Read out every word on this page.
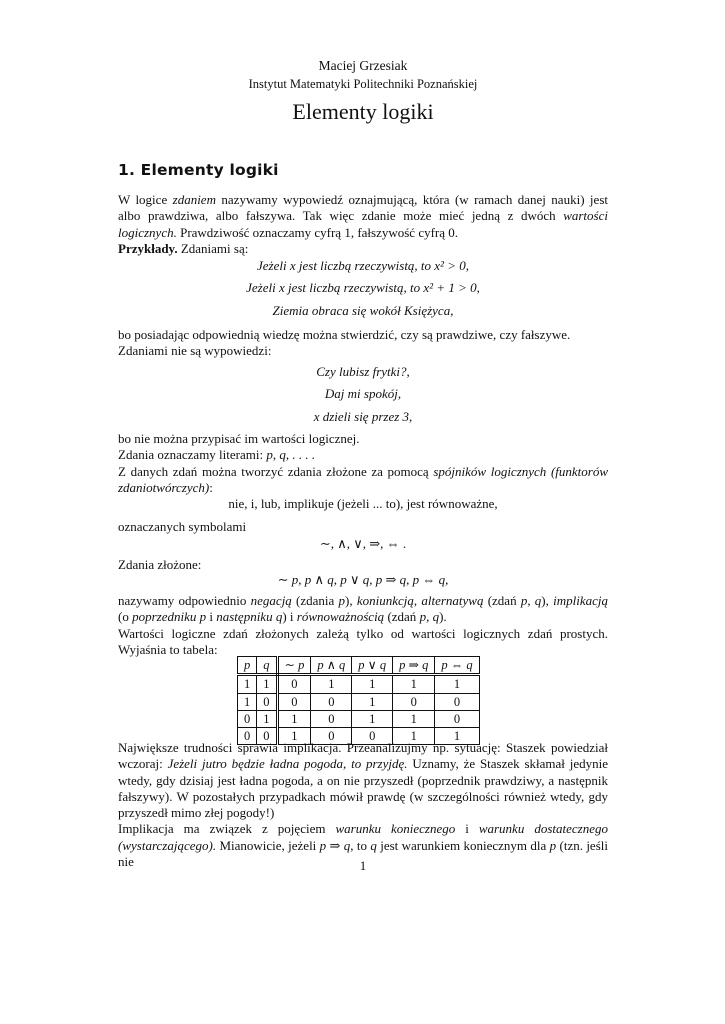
Maciej Grzesiak
Instytut Matematyki Politechniki Poznańskiej
Elementy logiki
1. Elementy logiki

W logice zdaniem nazywamy wypowiedź oznajmującą, która (w ramach danej nauki) jest albo prawdziwa, albo fałszywa. Tak więc zdanie może mieć jedną z dwóch wartości logicznych. Prawdziwość oznaczamy cyfrą 1, fałszywość cyfrą 0.

Przykłady. Zdaniami są:

Jeżeli x jest liczbą rzeczywistą, to x² > 0,

Jeżeli x jest liczbą rzeczywistą, to x² + 1 > 0,

Ziemia obraca się wokół Księżyca,

bo posiadając odpowiednią wiedzę można stwierdzić, czy są prawdziwe, czy fałszywe.

Zdaniami nie są wypowiedzi:

Czy lubisz frytki?,

Daj mi spokój,

x dzieli się przez 3,

bo nie można przypisać im wartości logicznej.

Zdania oznaczamy literami: p, q, . . . .

Z danych zdań można tworzyć zdania złożone za pomocą spójników logicznych (funktorów zdaniotwórczych):

nie, i, lub, implikuje (jeżeli ... to), jest równoważne,
oznaczanych symbolami
∼, ∧, ∨, ⇒, ⇔ .
Zdania złożone:
∼ p, p ∧ q, p ∨ q, p ⇒ q, p ⇔ q,

nazywamy odpowiednio negacją (zdania p), koniunkcją, alternatywą (zdań p, q), implikacją (o poprzedniku p i następniku q) i równoważnością (zdań p, q).

Wartości logiczne zdań złożonych zależą tylko od wartości logicznych zdań prostych. Wyjaśnia to tabela:

p	q	∼ p	p ∧ q	p ∨ q	p ⇒ q	p ⇔ q
1	1	0	1	1	1	1
1	0	0	0	1	0	0
0	1	1	0	1	1	0
0	0	1	0	0	1	1

Największe trudności sprawia implikacja. Przeanalizujmy np. sytuację: Staszek powiedział wczoraj: Jeżeli jutro będzie ładna pogoda, to przyjdę. Uznamy, że Staszek skłamał jedynie wtedy, gdy dzisiaj jest ładna pogoda, a on nie przyszedł (poprzednik prawdziwy, a następnik fałszywy). W pozostałych przypadkach mówił prawdę (w szczególności również wtedy, gdy przyszedł mimo złej pogody!)

Implikacja ma związek z pojęciem warunku koniecznego i warunku dostatecznego (wystarczającego). Mianowicie, jeżeli p ⇒ q, to q jest warunkiem koniecznym dla p (tzn. jeśli nie	1
